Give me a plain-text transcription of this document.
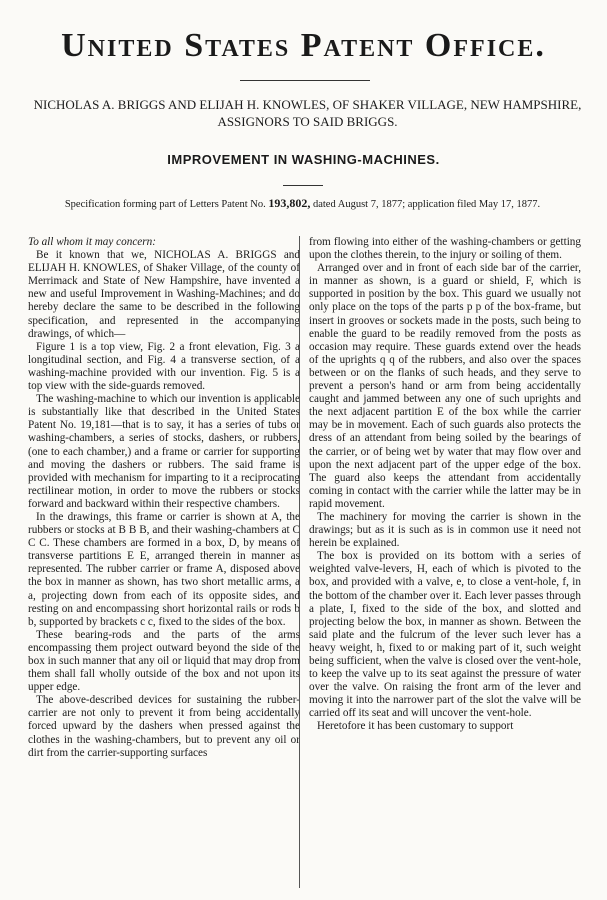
United States Patent Office.
NICHOLAS A. BRIGGS AND ELIJAH H. KNOWLES, OF SHAKER VILLAGE, NEW HAMPSHIRE, ASSIGNORS TO SAID BRIGGS.
IMPROVEMENT IN WASHING-MACHINES.
Specification forming part of Letters Patent No. 193,802, dated August 7, 1877; application filed May 17, 1877.

To all whom it may concern:

Be it known that we, NICHOLAS A. BRIGGS and ELIJAH H. KNOWLES, of Shaker Village, of the county of Merrimack and State of New Hampshire, have invented a new and useful Improvement in Washing-Machines; and do hereby declare the same to be described in the following specification, and represented in the accompanying drawings, of which—

Figure 1 is a top view, Fig. 2 a front elevation, Fig. 3 a longitudinal section, and Fig. 4 a transverse section, of a washing-machine provided with our invention. Fig. 5 is a top view with the side-guards removed.

The washing-machine to which our invention is applicable is substantially like that described in the United States Patent No. 19,181—that is to say, it has a series of tubs or washing-chambers, a series of stocks, dashers, or rubbers, (one to each chamber,) and a frame or carrier for supporting and moving the dashers or rubbers. The said frame is provided with mechanism for imparting to it a reciprocating rectilinear motion, in order to move the rubbers or stocks forward and backward within their respective chambers.

In the drawings, this frame or carrier is shown at A, the rubbers or stocks at B B B, and their washing-chambers at C C C. These chambers are formed in a box, D, by means of transverse partitions E E, arranged therein in manner as represented. The rubber carrier or frame A, disposed above the box in manner as shown, has two short metallic arms, a a, projecting down from each of its opposite sides, and resting on and encompassing short horizontal rails or rods b b, supported by brackets c c, fixed to the sides of the box.

These bearing-rods and the parts of the arms encompassing them project outward beyond the side of the box in such manner that any oil or liquid that may drop from them shall fall wholly outside of the box and not upon its upper edge.

The above-described devices for sustaining the rubber-carrier are not only to prevent it from being accidentally forced upward by the dashers when pressed against the clothes in the washing-chambers, but to prevent any oil or dirt from the carrier-supporting surfaces

from flowing into either of the washing-chambers or getting upon the clothes therein, to the injury or soiling of them.

Arranged over and in front of each side bar of the carrier, in manner as shown, is a guard or shield, F, which is supported in position by the box. This guard we usually not only place on the tops of the parts p p of the box-frame, but insert in grooves or sockets made in the posts, such being to enable the guard to be readily removed from the posts as occasion may require. These guards extend over the heads of the uprights q q of the rubbers, and also over the spaces between or on the flanks of such heads, and they serve to prevent a person's hand or arm from being accidentally caught and jammed between any one of such uprights and the next adjacent partition E of the box while the carrier may be in movement. Each of such guards also protects the dress of an attendant from being soiled by the bearings of the carrier, or of being wet by water that may flow over and upon the next adjacent part of the upper edge of the box. The guard also keeps the attendant from accidentally coming in contact with the carrier while the latter may be in rapid movement.

The machinery for moving the carrier is shown in the drawings; but as it is such as is in common use it need not herein be explained.

The box is provided on its bottom with a series of weighted valve-levers, H, each of which is pivoted to the box, and provided with a valve, e, to close a vent-hole, f, in the bottom of the chamber over it. Each lever passes through a plate, I, fixed to the side of the box, and slotted and projecting below the box, in manner as shown. Between the said plate and the fulcrum of the lever such lever has a heavy weight, h, fixed to or making part of it, such weight being sufficient, when the valve is closed over the vent-hole, to keep the valve up to its seat against the pressure of water over the valve. On raising the front arm of the lever and moving it into the narrower part of the slot the valve will be carried off its seat and will uncover the vent-hole.

Heretofore it has been customary to support
